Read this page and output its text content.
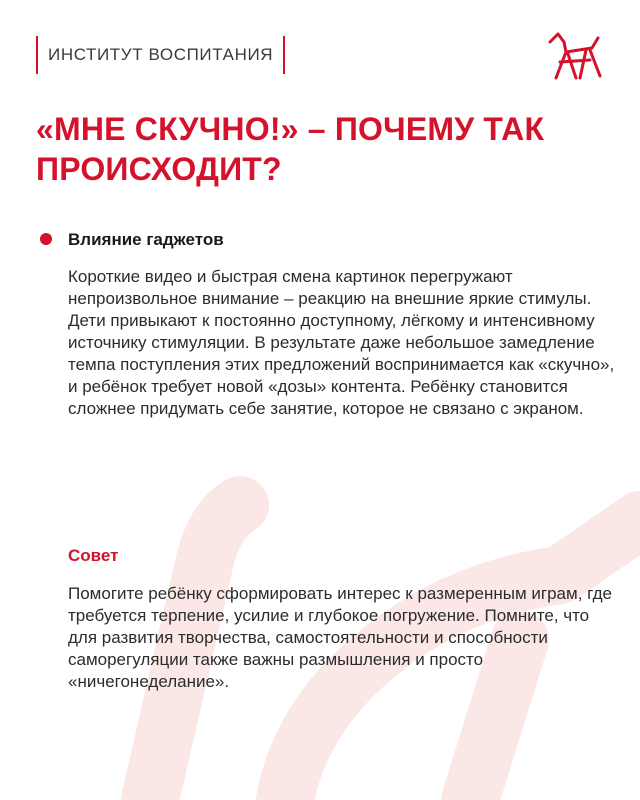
ИНСТИТУТ ВОСПИТАНИЯ
«МНЕ СКУЧНО!» – ПОЧЕМУ ТАК ПРОИСХОДИТ?
Влияние гаджетов

Короткие видео и быстрая смена картинок перегружают непроизвольное внимание – реакцию на внешние яркие стимулы. Дети привыкают к постоянно доступному, лёгкому и интенсивному источнику стимуляции. В результате даже небольшое замедление темпа поступления этих предложений воспринимается как «скучно», и ребёнок требует новой «дозы» контента. Ребёнку становится сложнее придумать себе занятие, которое не связано с экраном.

Совет

Помогите ребёнку сформировать интерес к размеренным играм, где требуется терпение, усилие и глубокое погружение. Помните, что для развития творчества, самостоятельности и способности саморегуляции также важны размышления и просто «ничегонеделание».
